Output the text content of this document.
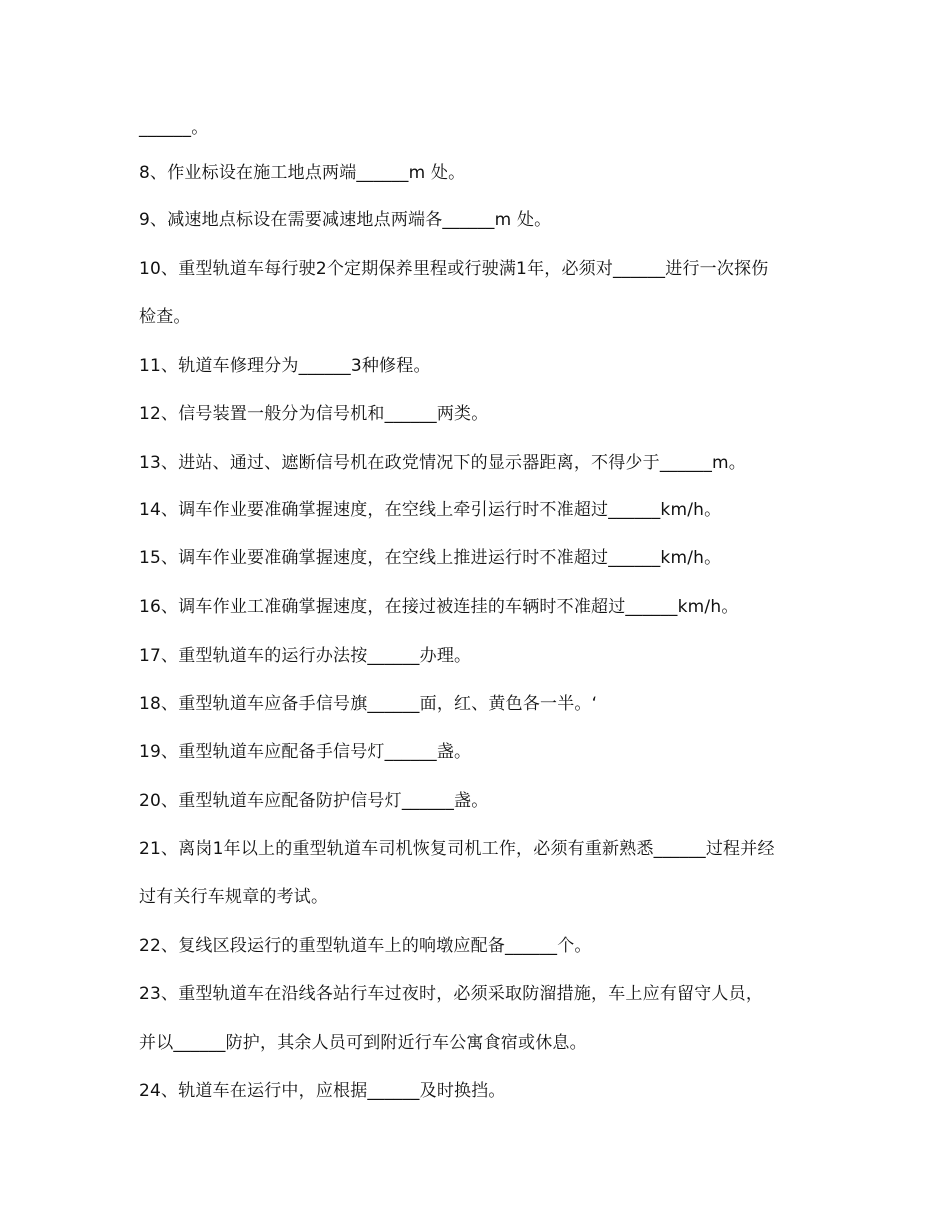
______。
8、作业标设在施工地点两端______m 处。
9、减速地点标设在需要减速地点两端各______m 处。
10、重型轨道车每行驶2个定期保养里程或行驶满1年，必须对______进行一次探伤
检查。
11、轨道车修理分为______3种修程。
12、信号装置一般分为信号机和______两类。
13、进站、通过、遮断信号机在政党情况下的显示器距离，不得少于______m。
14、调车作业要准确掌握速度，在空线上牵引运行时不准超过______km/h。
15、调车作业要准确掌握速度，在空线上推进运行时不准超过______km/h。
16、调车作业工准确掌握速度，在接过被连挂的车辆时不准超过______km/h。
17、重型轨道车的运行办法按______办理。
18、重型轨道车应备手信号旗______面，红、黄色各一半。‘
19、重型轨道车应配备手信号灯______盏。
20、重型轨道车应配备防护信号灯______盏。
21、离岗1年以上的重型轨道车司机恢复司机工作，必须有重新熟悉______过程并经
过有关行车规章的考试。
22、复线区段运行的重型轨道车上的响墩应配备______个。
23、重型轨道车在沿线各站行车过夜时，必须采取防溜措施，车上应有留守人员，
并以______防护，其余人员可到附近行车公寓食宿或休息。
24、轨道车在运行中，应根据______及时换挡。
